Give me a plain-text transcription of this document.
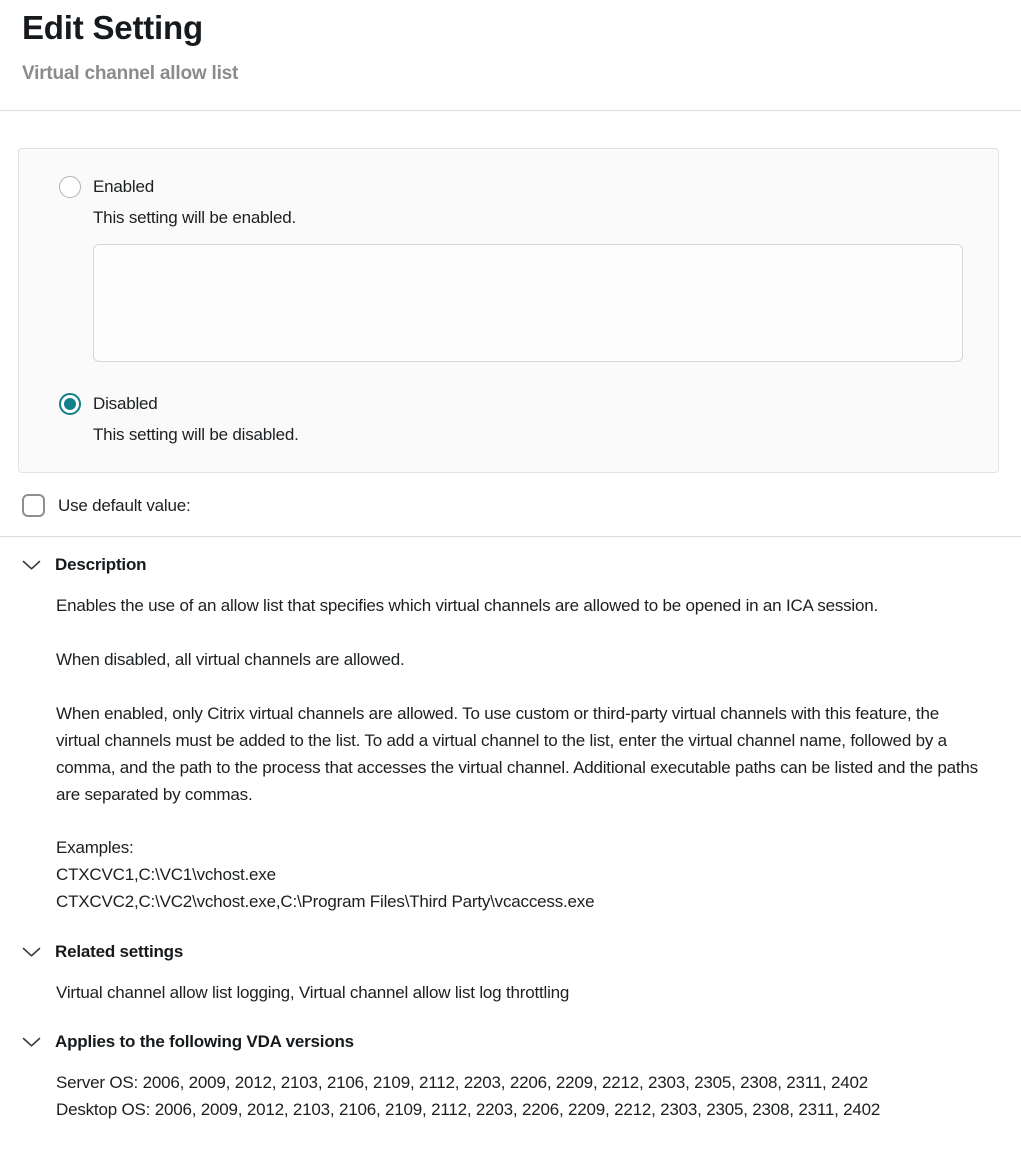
Edit Setting
Virtual channel allow list
Enabled
This setting will be enabled.
Disabled
This setting will be disabled.
Use default value:
Description

Enables the use of an allow list that specifies which virtual channels are allowed to be opened in an ICA session.

When disabled, all virtual channels are allowed.

When enabled, only Citrix virtual channels are allowed. To use custom or third-party virtual channels with this feature, the virtual channels must be added to the list. To add a virtual channel to the list, enter the virtual channel name, followed by a comma, and the path to the process that accesses the virtual channel. Additional executable paths can be listed and the paths are separated by commas.

Examples:
CTXCVC1,C:\VC1\vchost.exe
CTXCVC2,C:\VC2\vchost.exe,C:\Program Files\Third Party\vcaccess.exe
Related settings

Virtual channel allow list logging, Virtual channel allow list log throttling

Applies to the following VDA versions
Server OS: 2006, 2009, 2012, 2103, 2106, 2109, 2112, 2203, 2206, 2209, 2212, 2303, 2305, 2308, 2311, 2402
Desktop OS: 2006, 2009, 2012, 2103, 2106, 2109, 2112, 2203, 2206, 2209, 2212, 2303, 2305, 2308, 2311, 2402
